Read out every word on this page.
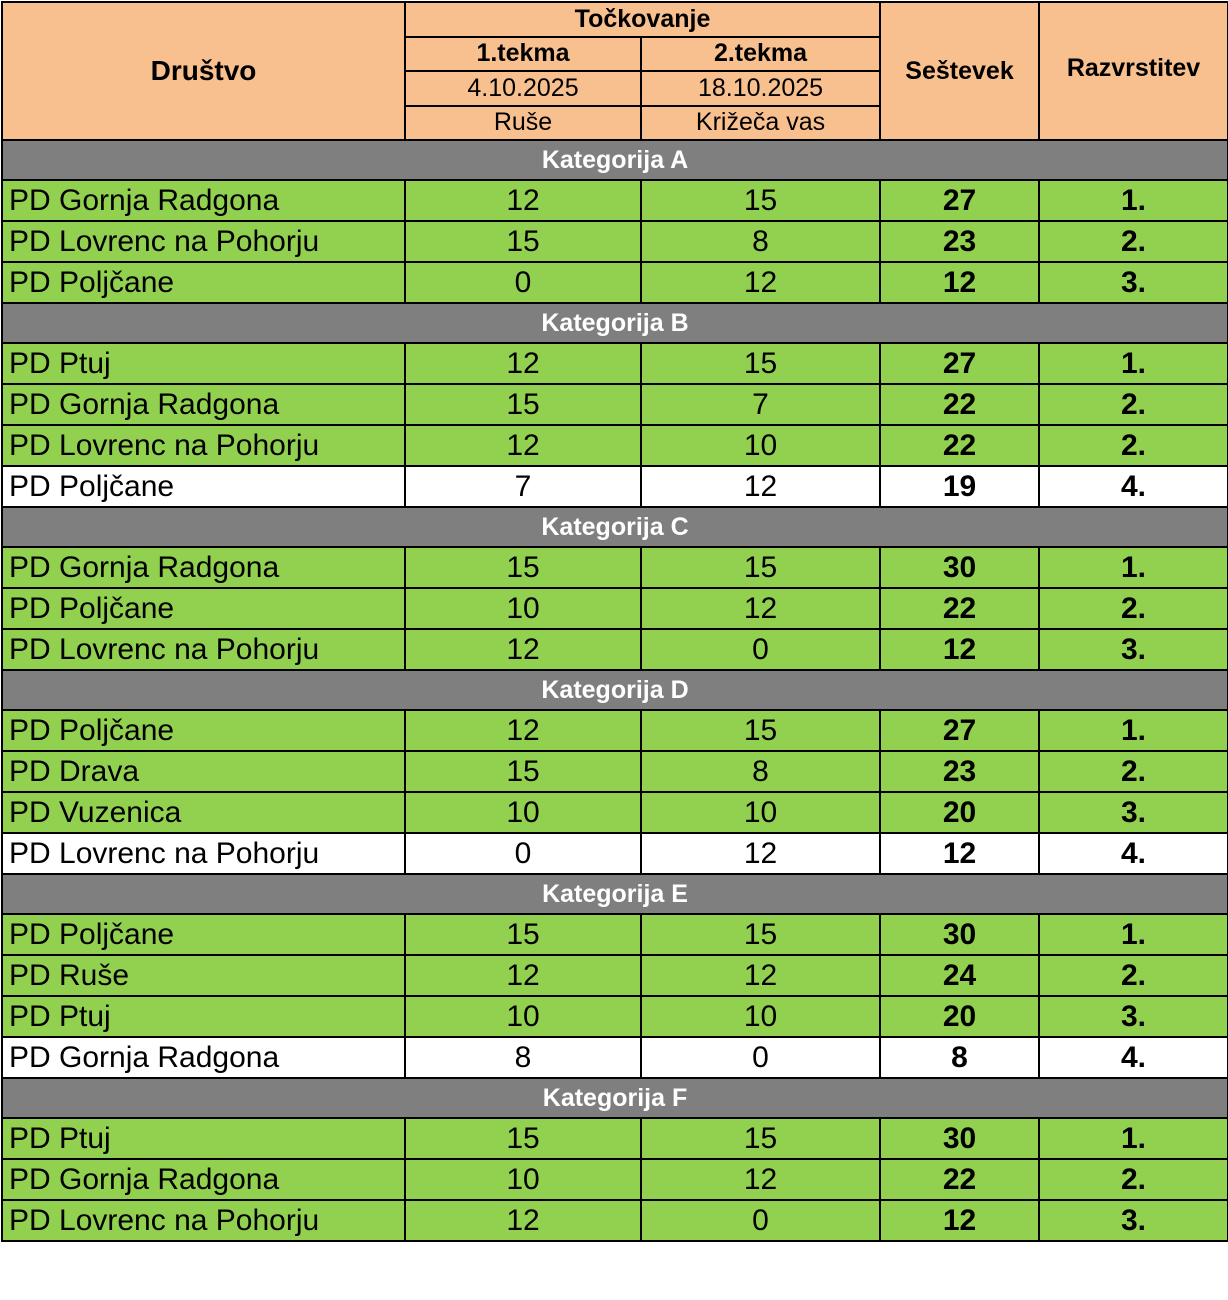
Društvo	Točkovanje		Seštevek	Razvrstitev
	1.tekma	2.tekma		
	4.10.2025	18.10.2025		
	Ruše	Križeča vas		
Kategorija A				
PD Gornja Radgona	12	15	27	1.
PD Lovrenc na Pohorju	15	8	23	2.
PD Poljčane	0	12	12	3.
Kategorija B				
PD Ptuj	12	15	27	1.
PD Gornja Radgona	15	7	22	2.
PD Lovrenc na Pohorju	12	10	22	2.
PD Poljčane	7	12	19	4.
Kategorija C				
PD Gornja Radgona	15	15	30	1.
PD Poljčane	10	12	22	2.
PD Lovrenc na Pohorju	12	0	12	3.
Kategorija D				
PD Poljčane	12	15	27	1.
PD Drava	15	8	23	2.
PD Vuzenica	10	10	20	3.
PD Lovrenc na Pohorju	0	12	12	4.
Kategorija E				
PD Poljčane	15	15	30	1.
PD Ruše	12	12	24	2.
PD Ptuj	10	10	20	3.
PD Gornja Radgona	8	0	8	4.
Kategorija F				
PD Ptuj	15	15	30	1.
PD Gornja Radgona	10	12	22	2.
PD Lovrenc na Pohorju	12	0	12	3.
